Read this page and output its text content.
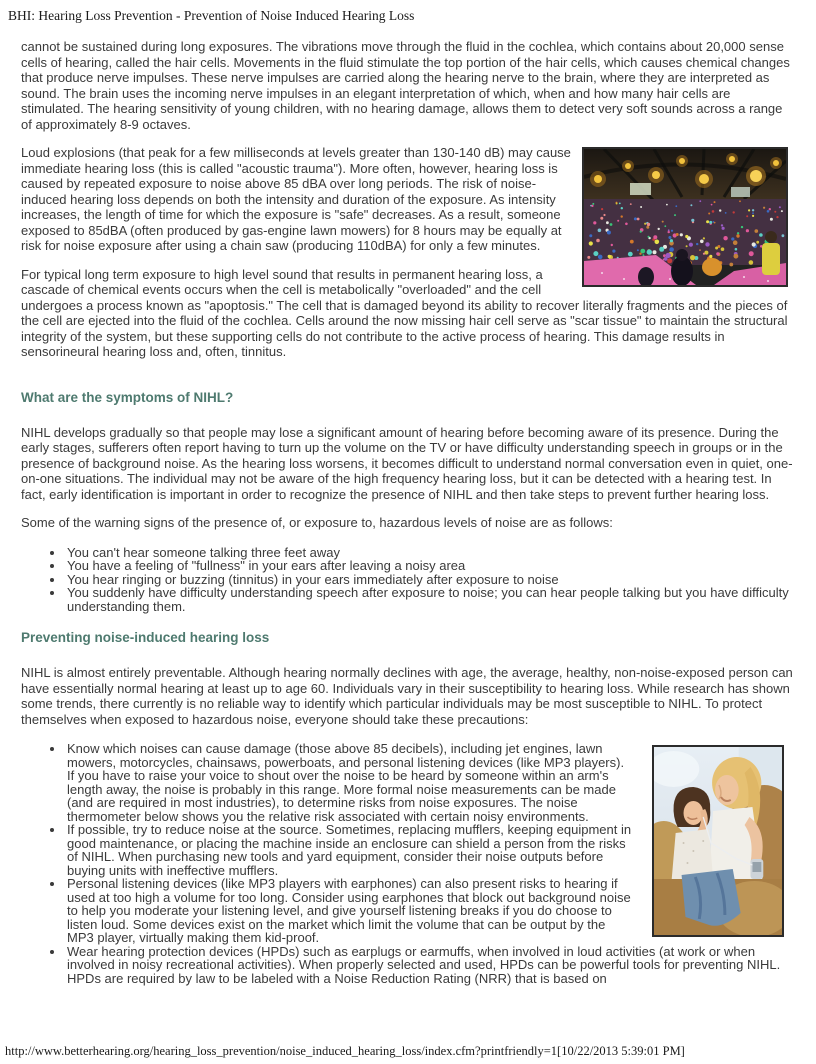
BHI: Hearing Loss Prevention - Prevention of Noise Induced Hearing Loss

cannot be sustained during long exposures. The vibrations move through the fluid in the cochlea, which contains about 20,000 sense cells of hearing, called the hair cells. Movements in the fluid stimulate the top portion of the hair cells, which causes chemical changes that produce nerve impulses. These nerve impulses are carried along the hearing nerve to the brain, where they are interpreted as sound. The brain uses the incoming nerve impulses in an elegant interpretation of which, when and how many hair cells are stimulated. The hearing sensitivity of young children, with no hearing damage, allows them to detect very soft sounds across a range of approximately 8-9 octaves.

Loud explosions (that peak for a few milliseconds at levels greater than 130-140 dB) may cause immediate hearing loss (this is called "acoustic trauma"). More often, however, hearing loss is caused by repeated exposure to noise above 85 dBA over long periods. The risk of noise-induced hearing loss depends on both the intensity and duration of the exposure. As intensity increases, the length of time for which the exposure is "safe" decreases. As a result, someone exposed to 85dBA (often produced by gas-engine lawn mowers) for 8 hours may be equally at risk for noise exposure after using a chain saw (producing 110dBA) for only a few minutes.

For typical long term exposure to high level sound that results in permanent hearing loss, a cascade of chemical events occurs when the cell is metabolically "overloaded" and the cell undergoes a process known as "apoptosis." The cell that is damaged beyond its ability to recover literally fragments and the pieces of the cell are ejected into the fluid of the cochlea. Cells around the now missing hair cell serve as "scar tissue" to maintain the structural integrity of the system, but these supporting cells do not contribute to the active process of hearing. This damage results in sensorineural hearing loss and, often, tinnitus.

What are the symptoms of NIHL?

NIHL develops gradually so that people may lose a significant amount of hearing before becoming aware of its presence. During the early stages, sufferers often report having to turn up the volume on the TV or have difficulty understanding speech in groups or in the presence of background noise. As the hearing loss worsens, it becomes difficult to understand normal conversation even in quiet, one-on-one situations. The individual may not be aware of the high frequency hearing loss, but it can be detected with a hearing test. In fact, early identification is important in order to recognize the presence of NIHL and then take steps to prevent further hearing loss.

Some of the warning signs of the presence of, or exposure to, hazardous levels of noise are as follows:

• You can't hear someone talking three feet away
• You have a feeling of "fullness" in your ears after leaving a noisy area
• You hear ringing or buzzing (tinnitus) in your ears immediately after exposure to noise
• You suddenly have difficulty understanding speech after exposure to noise; you can hear people talking but you have difficulty understanding them.
Preventing noise-induced hearing loss

NIHL is almost entirely preventable. Although hearing normally declines with age, the average, healthy, non-noise-exposed person can have essentially normal hearing at least up to age 60. Individuals vary in their susceptibility to hearing loss. While research has shown some trends, there currently is no reliable way to identify which particular individuals may be most susceptible to NIHL. To protect themselves when exposed to hazardous noise, everyone should take these precautions:

• Know which noises can cause damage (those above 85 decibels), including jet engines, lawn mowers, motorcycles, chainsaws, powerboats, and personal listening devices (like MP3 players). If you have to raise your voice to shout over the noise to be heard by someone within an arm's length away, the noise is probably in this range. More formal noise measurements can be made (and are required in most industries), to determine risks from noise exposures. The noise thermometer below shows you the relative risk associated with certain noisy environments.
• If possible, try to reduce noise at the source. Sometimes, replacing mufflers, keeping equipment in good maintenance, or placing the machine inside an enclosure can shield a person from the risks of NIHL. When purchasing new tools and yard equipment, consider their noise outputs before buying units with ineffective mufflers.
• Personal listening devices (like MP3 players with earphones) can also present risks to hearing if used at too high a volume for too long. Consider using earphones that block out background noise to help you moderate your listening level, and give yourself listening breaks if you do choose to listen loud. Some devices exist on the market which limit the volume that can be output by the MP3 player, virtually making them kid-proof.
• Wear hearing protection devices (HPDs) such as earplugs or earmuffs, when involved in loud activities (at work or when involved in noisy recreational activities). When properly selected and used, HPDs can be powerful tools for preventing NIHL. HPDs are required by law to be labeled with a Noise Reduction Rating (NRR) that is based on
http://www.betterhearing.org/hearing_loss_prevention/noise_induced_hearing_loss/index.cfm?printfriendly=1[10/22/2013 5:39:01 PM]
